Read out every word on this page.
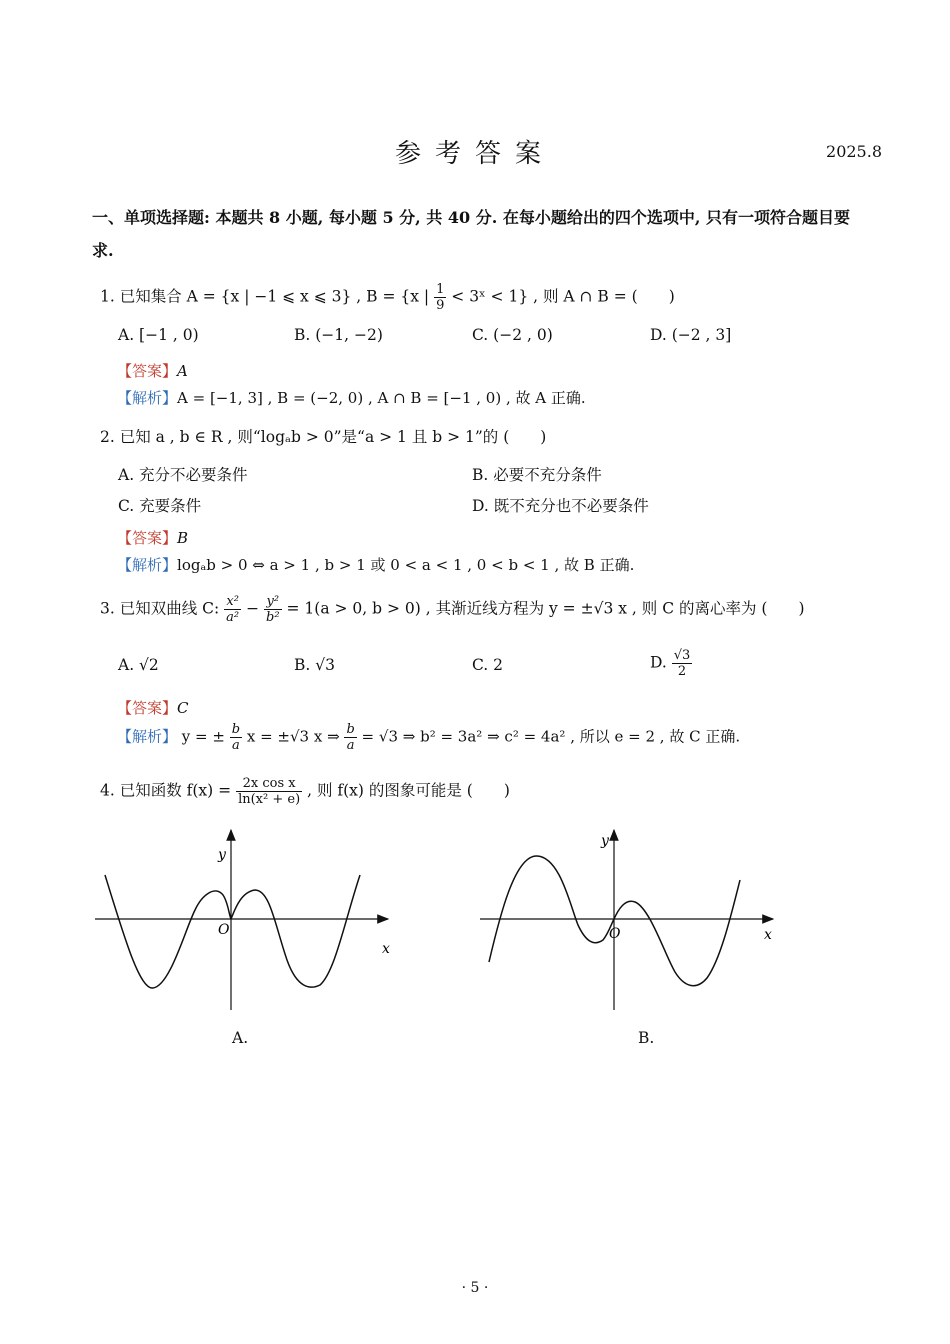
参考答案	2025.8
一、单项选择题: 本题共 8 小题, 每小题 5 分, 共 40 分. 在每小题给出的四个选项中, 只有一项符合题目要
求.
1. 已知集合 A = {x | −1 ⩽ x ⩽ 3} , B = {x | $\frac{1}{9}$ < 3ˣ < 1} , 则 A ∩ B = (　　)
A. [−1 , 0)	B. (−1, −2)	C. (−2 , 0)	D. (−2 , 3]
【答案】A
【解析】A = [−1, 3] , B = (−2, 0) , A ∩ B = [−1 , 0) , 故 A 正确.
2. 已知 a , b ∈ R , 则“logₐb > 0”是“a > 1 且 b > 1”的 (　　)
A. 充分不必要条件	B. 必要不充分条件
C. 充要条件	D. 既不充分也不必要条件
【答案】B
【解析】logₐb > 0 ⇔ a > 1 , b > 1 或 0 < a < 1 , 0 < b < 1 , 故 B 正确.
3. 已知双曲线 C: $\frac{\text{x²}}{\text{a²}} - \frac{\text{y²}}{\text{b²}} = 1(a > 0$, b > 0) , 其渐近线方程为 y = ±√3 x , 则 C 的离心率为 (　　)
A. √2	B. √3	C. 2	D. $\frac{√3}{2}$
【答案】C
【解析】 y = ± $\frac{b}{a}$ x = ±√3 x ⇒ $\frac{b}{a} = √3$ ⇒ b² = 3a² ⇒ c² = 4a² , 所以 e = 2 , 故 C 正确.
4. 已知函数 $f(x) = \frac{\text{2x cos x}}{\text{ln(x² + e)}}$ , 则 f(x) 的图象可能是 (　　)
O
y
x
A.
O
y
x
B.
· 5 ·
